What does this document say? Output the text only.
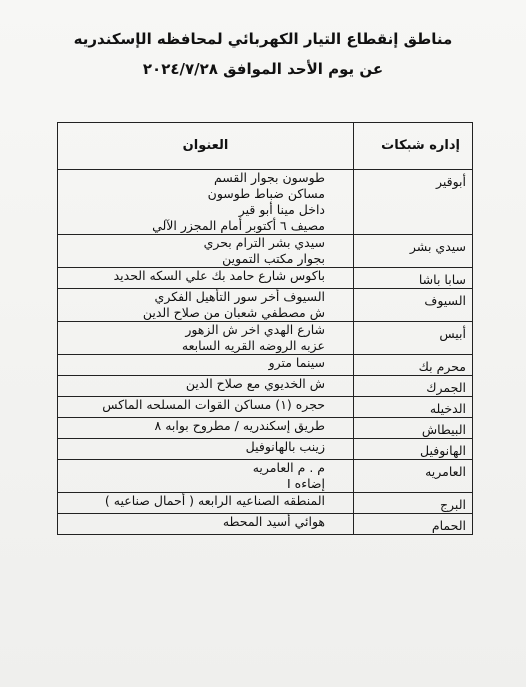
مناطق إنقطاع التيار الكهربائي لمحافظه الإسكندريه
عن يوم الأحد الموافق ٢٠٢٤/٧/٢٨
إداره شبكات	العنوان
أبوقير	طوسون بجوار القسم
مساكن ضباط طوسون
داخل مينا أبو قير
مصيف ٦ أكتوبر أمام المجزر الآلي

سيدي بشر	سيدي بشر الترام بحري
بجوار مكتب التموين

سابا باشا	باكوس شارع حامد بك علي السكه الحديد

السيوف	السيوف أخر سور التأهيل الفكري
ش مصطفي شعبان من صلاح الدين

أبيس	شارع الهدي اخر ش الزهور
عزبه الروضه القريه السابعه

محرم بك	سينما مترو

الجمرك	ش الخديوي مع صلاح الدين

الدخيله	حجره (١) مساكن القوات المسلحه الماكس

البيطاش	طريق إسكندريه / مطروح بوابه ٨

الهانوفيل	زينب بالهانوفيل

العامريه	م . م العامريه
إضاءه I

البرج	المنطقه الصناعيه الرابعه ( أحمال صناعيه )

الحمام	هوائي أسيد المحطه
